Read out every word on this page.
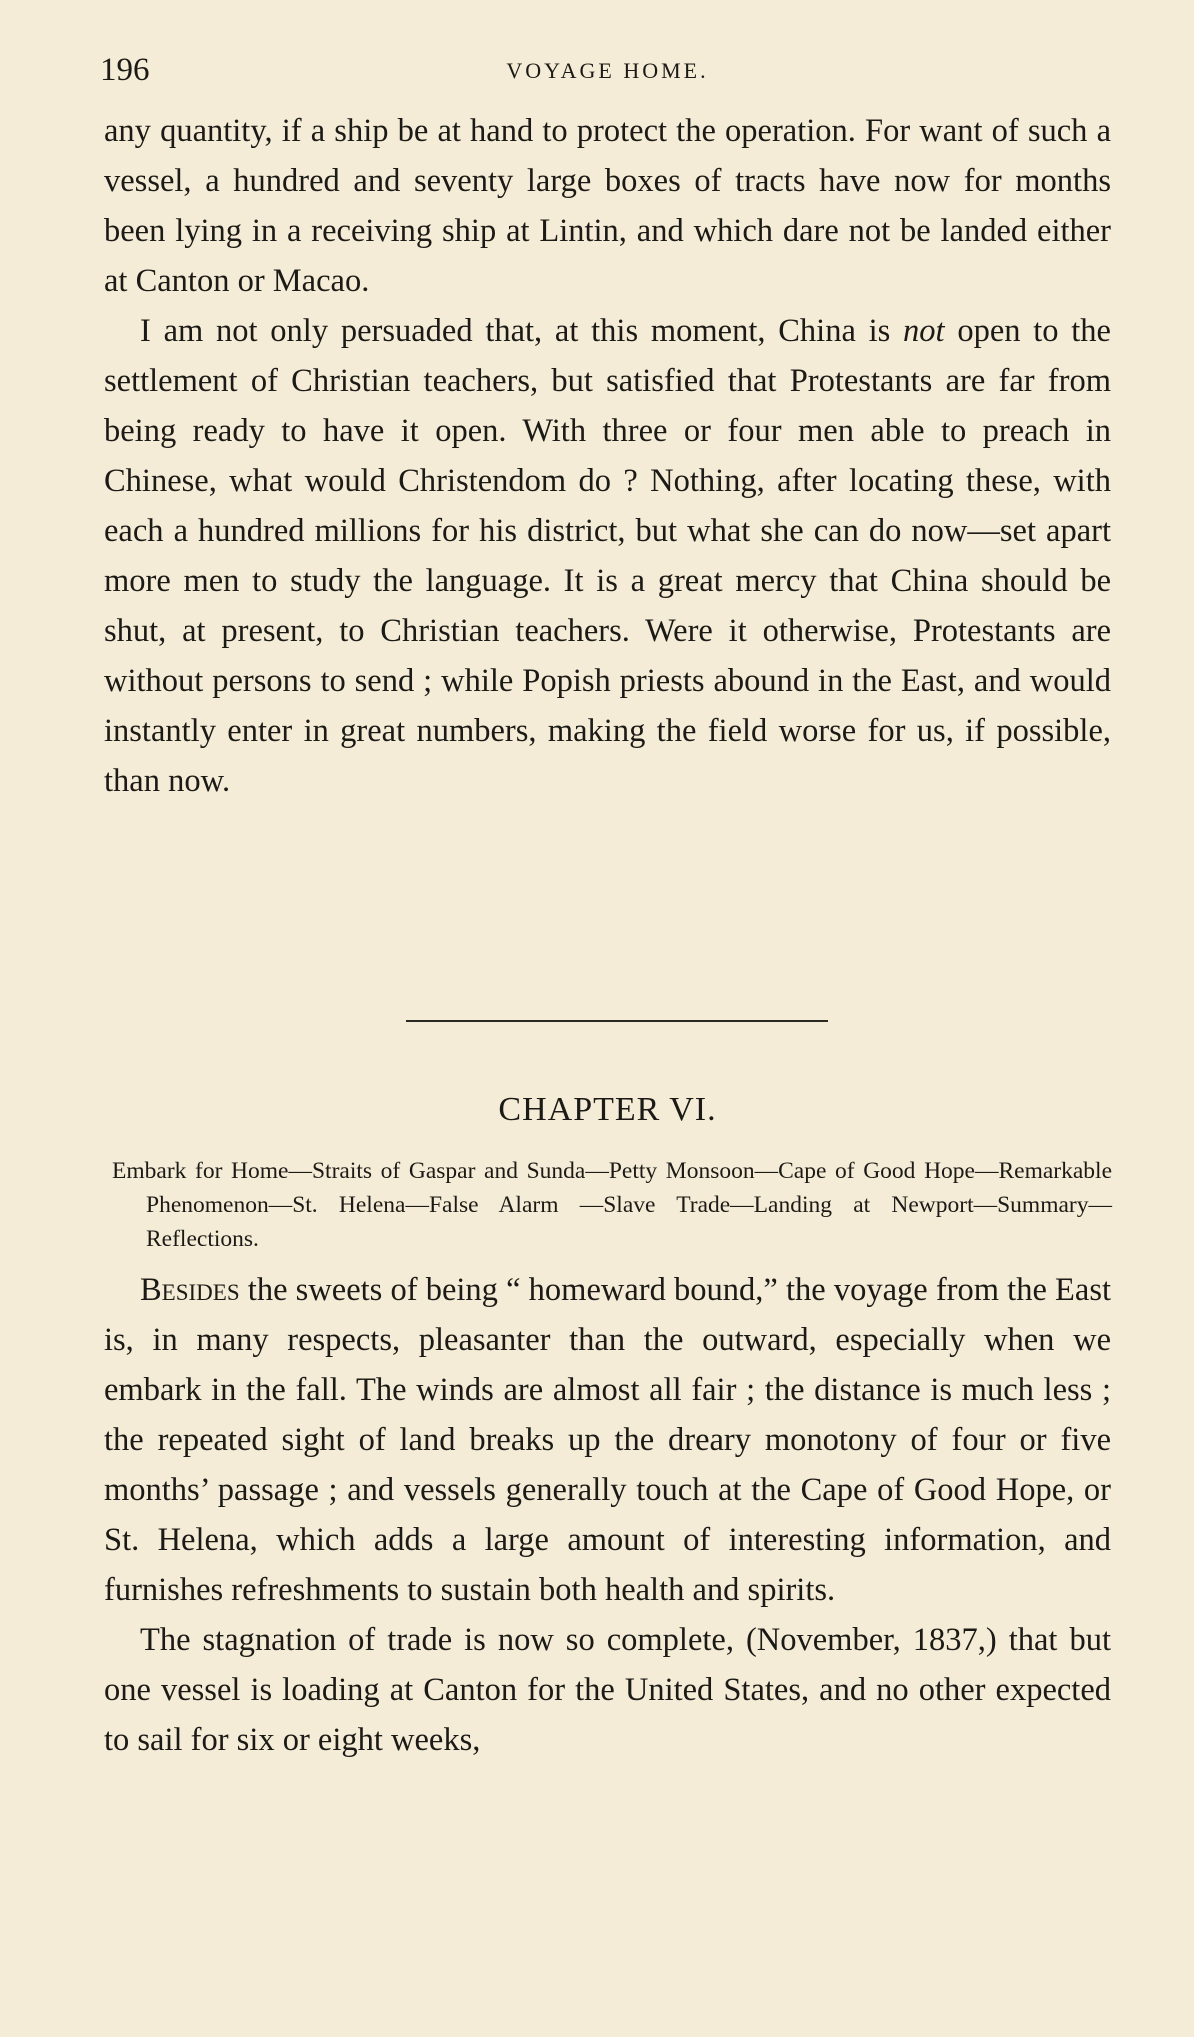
196	VOYAGE HOME.

any quantity, if a ship be at hand to protect the operation. For want of such a vessel, a hundred and seventy large boxes of tracts have now for months been lying in a receiving ship at Lintin, and which dare not be landed either at Canton or Macao.

I am not only persuaded that, at this moment, China is not open to the settlement of Christian teachers, but satisfied that Protestants are far from being ready to have it open. With three or four men able to preach in Chinese, what would Christendom do ? Nothing, after locating these, with each a hundred millions for his district, but what she can do now—set apart more men to study the language. It is a great mercy that China should be shut, at present, to Christian teachers. Were it otherwise, Protestants are without persons to send ; while Popish priests abound in the East, and would instantly enter in great numbers, making the field worse for us, if possible, than now.

CHAPTER VI.
Embark for Home—Straits of Gaspar and Sunda—Petty Monsoon—Cape of Good Hope—Remarkable Phenomenon—St. Helena—False Alarm —Slave Trade—Landing at Newport—Summary—Reflections.

Besides the sweets of being “ homeward bound,” the voyage from the East is, in many respects, pleasanter than the outward, especially when we embark in the fall. The winds are almost all fair ; the distance is much less ; the repeated sight of land breaks up the dreary monotony of four or five months’ passage ; and vessels generally touch at the Cape of Good Hope, or St. Helena, which adds a large amount of interesting information, and furnishes refreshments to sustain both health and spirits.

The stagnation of trade is now so complete, (November, 1837,) that but one vessel is loading at Canton for the United States, and no other expected to sail for six or eight weeks,
